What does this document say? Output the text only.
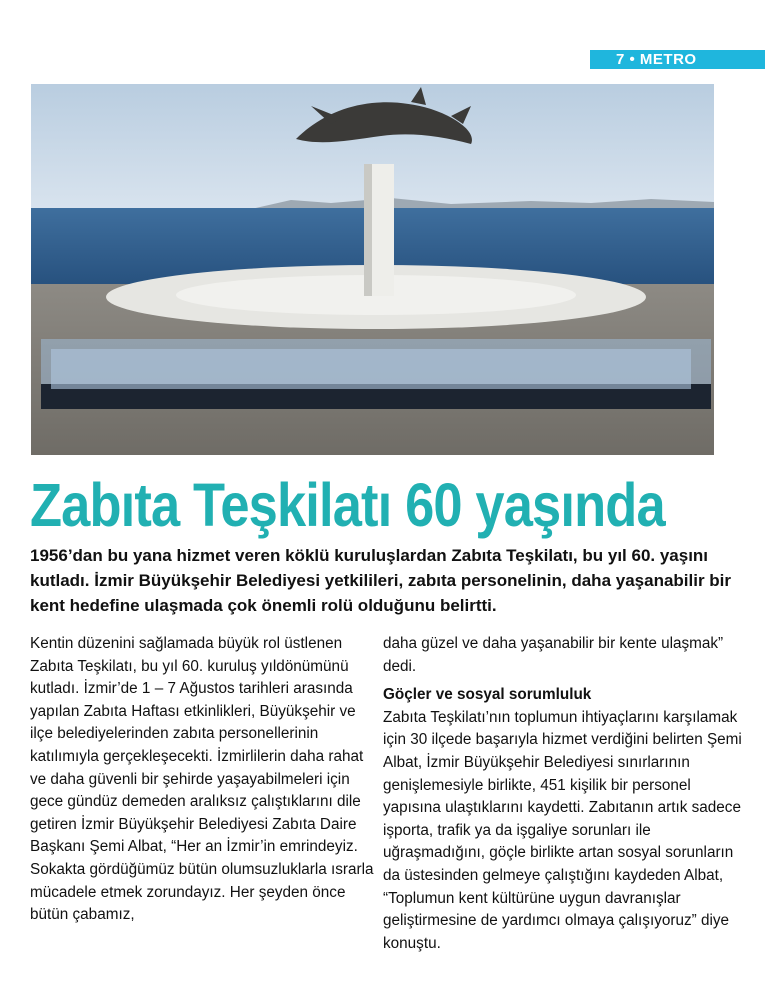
7 • METRO
Zabıta Teşkilatı 60 yaşında

1956’dan bu yana hizmet veren köklü kuruluşlardan Zabıta Teşkilatı, bu yıl 60. yaşını kutladı. İzmir Büyükşehir Belediyesi yetkilileri, zabıta personelinin, daha yaşanabilir bir kent hedefine ulaşmada çok önemli rolü olduğunu belirtti.

Kentin düzenini sağlamada büyük rol üstlenen Zabıta Teşkilatı, bu yıl 60. kuruluş yıldönümünü kutladı. İzmir’de 1 – 7 Ağustos tarihleri arasında yapılan Zabıta Haftası etkinlikleri, Büyükşehir ve ilçe belediyelerinden zabıta personellerinin katılımıyla gerçekleşecekti. İzmirlilerin daha rahat ve daha güvenli bir şehirde yaşayabilmeleri için gece gündüz demeden aralıksız çalıştıklarını dile getiren İzmir Büyükşehir Belediyesi Zabıta Daire Başkanı Şemi Albat, “Her an İzmir’in emrindeyiz. Sokakta gördüğümüz bütün olumsuzluklarla ısrarla mücadele etmek zorundayız. Her şeyden önce bütün çabamız,

daha güzel ve daha yaşanabilir bir kente ulaşmak” dedi.

Göçler ve sosyal sorumluluk

Zabıta Teşkilatı’nın toplumun ihtiyaçlarını karşılamak için 30 ilçede başarıyla hizmet verdiğini belirten Şemi Albat, İzmir Büyükşehir Belediyesi sınırlarının genişlemesiyle birlikte, 451 kişilik bir personel yapısına ulaştıklarını kaydetti. Zabıtanın artık sadece işporta, trafik ya da işgaliye sorunları ile uğraşmadığını, göçle birlikte artan sosyal sorunların da üstesinden gelmeye çalıştığını kaydeden Albat, “Toplumun kent kültürüne uygun davranışlar geliştirmesine de yardımcı olmaya çalışıyoruz” diye konuştu.
